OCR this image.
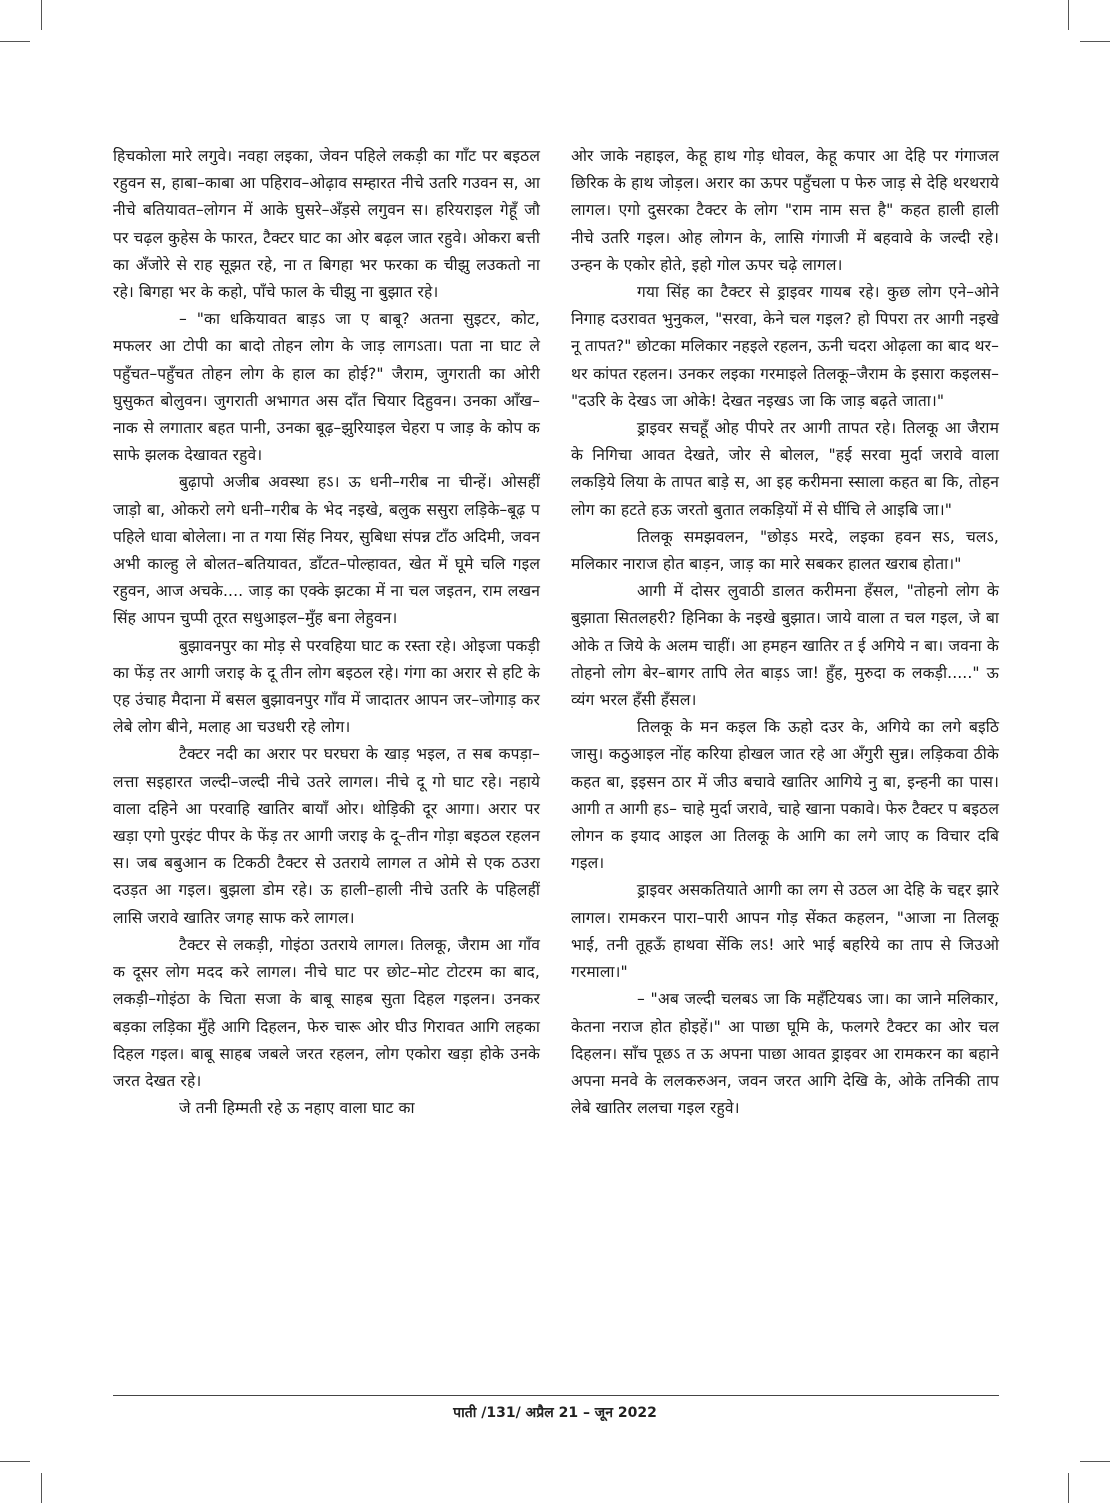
हिचकोला मारे लगुवे। नवहा लइका, जेवन पहिले लकड़ी का गाँट पर बइठल रहुवन स, हाबा–काबा आ पहिराव–ओढ़ाव सम्हारत नीचे उतरि गउवन स, आ नीचे बतियावत–लोगन में आके घुसरे–अँड़से लगुवन स। हरियराइल गेहूँ जौ पर चढ़ल कुहेस के फारत, टैक्टर घाट का ओर बढ़ल जात रहुवे। ओकरा बत्ती का अँजोरे से राह सूझत रहे, ना त बिगहा भर फरका क चीझु लउकतो ना रहे। बिगहा भर के कहो, पाँचे फाल के चीझु ना बुझात रहे।

– "का धकियावत बाड़ऽ जा ए बाबू? अतना सुइटर, कोट, मफलर आ टोपी का बादो तोहन लोग के जाड़ लागऽता। पता ना घाट ले पहुँचत–पहुँचत तोहन लोग के हाल का होई?" जैराम, जुगराती का ओरी घुसुकत बोलुवन। जुगराती अभागत अस दाँत चियार दिहुवन। उनका आँख–नाक से लगातार बहत पानी, उनका बूढ़–झुरियाइल चेहरा प जाड़ के कोप क साफे झलक देखावत रहुवे।

बुढ़ापो अजीब अवस्था हऽ। ऊ धनी–गरीब ना चीन्हें। ओसहीं जाड़ो बा, ओकरो लगे धनी–गरीब के भेद नइखे, बलुक ससुरा लड़िके–बूढ़ प पहिले धावा बोलेला। ना त गया सिंह नियर, सुबिधा संपन्न टाँठ अदिमी, जवन अभी काल्हु ले बोलत–बतियावत, डाँटत–पोल्हावत, खेत में घूमे चलि गइल रहुवन, आज अचके.... जाड़ का एक्के झटका में ना चल जइतन, राम लखन सिंह आपन चुप्पी तूरत सधुआइल–मुँह बना लेहुवन।

बुझावनपुर का मोड़ से परवहिया घाट क रस्ता रहे। ओइजा पकड़ी का फेंड़ तर आगी जराइ के दू तीन लोग बइठल रहे। गंगा का अरार से हटि के एह उंचाह मैदाना में बसल बुझावनपुर गाँव में जादातर आपन जर–जोगाड़ कर लेबे लोग बीने, मलाह आ चउधरी रहे लोग।

टैक्टर नदी का अरार पर घरघरा के खाड़ भइल, त सब कपड़ा–लत्ता सइहारत जल्दी–जल्दी नीचे उतरे लागल। नीचे दू गो घाट रहे। नहाये वाला दहिने आ परवाहि खातिर बायाँ ओर। थोड़िकी दूर आगा। अरार पर खड़ा एगो पुरइंट पीपर के फेंड़ तर आगी जराइ के दू–तीन गोड़ा बइठल रहलन स। जब बबुआन क टिकठी टैक्टर से उतराये लागल त ओमे से एक ठउरा दउड़त आ गइल। बुझला डोम रहे। ऊ हाली–हाली नीचे उतरि के पहिलहीं लासि जरावे खातिर जगह साफ करे लागल।

टैक्टर से लकड़ी, गोइंठा उतराये लागल। तिलकू, जैराम आ गाँव क दूसर लोग मदद करे लागल। नीचे घाट पर छोट–मोट टोटरम का बाद, लकड़ी–गोइंठा के चिता सजा के बाबू साहब सुता दिहल गइलन। उनकर बड़का लड़िका मुँहे आगि दिहलन, फेरु चारू ओर घीउ गिरावत आगि लहका दिहल गइल। बाबू साहब जबले जरत रहलन, लोग एकोरा खड़ा होके उनके जरत देखत रहे।

जे तनी हिम्मती रहे ऊ नहाए वाला घाट का

ओर जाके नहाइल, केहू हाथ गोड़ धोवल, केहू कपार आ देहि पर गंगाजल छिरिक के हाथ जोड़ल। अरार का ऊपर पहुँचला प फेरु जाड़ से देहि थरथराये लागल। एगो दुसरका टैक्टर के लोग "राम नाम सत्त है" कहत हाली हाली नीचे उतरि गइल। ओह लोगन के, लासि गंगाजी में बहवावे के जल्दी रहे।उन्हन के एकोर होते, इहो गोल ऊपर चढ़े लागल।

गया सिंह का टैक्टर से ड्राइवर गायब रहे। कुछ लोग एने–ओने निगाह दउरावत भुनुकल, "सरवा, केने चल गइल? हो पिपरा तर आगी नइखे नू तापत?" छोटका मलिकार नहइले रहलन, ऊनी चदरा ओढ़ला का बाद थर–थर कांपत रहलन। उनकर लइका गरमाइले तिलकू–जैराम के इसारा कइलस– "दउरि के देखऽ जा ओके! देखत नइखऽ जा कि जाड़ बढ़ते जाता।"

ड्राइवर सचहूँ ओह पीपरे तर आगी तापत रहे। तिलकू आ जैराम के निगिचा आवत देखते, जोर से बोलल, "हई सरवा मुर्दा जरावे वाला लकड़िये लिया के तापत बाड़े स, आ इह करीमना स्साला कहत बा कि, तोहन लोग का हटते हऊ जरतो बुतात लकड़ियों में से घींचि ले आइबि जा।"

तिलकू समझवलन, "छोड़ऽ मरदे, लइका हवन सऽ, चलऽ, मलिकार नाराज होत बाड़न, जाड़ का मारे सबकर हालत खराब होता।"

आगी में दोसर लुवाठी डालत करीमना हँसल, "तोहनो लोग के बुझाता सितलहरी? हिनिका के नइखे बुझात। जाये वाला त चल गइल, जे बा ओके त जिये के अलम चाहीं। आ हमहन खातिर त ई अगिये न बा। जवना के तोहनो लोग बेर–बागर तापि लेत बाड़ऽ जा! हुँह, मुरुदा क लकड़ी....." ऊ व्यंग भरल हँसी हँसल।

तिलकू के मन कइल कि ऊहो दउर के, अगिये का लगे बइठि जासु। कठुआइल नोंह करिया होखल जात रहे आ अँगुरी सुन्न। लड़िकवा ठीके कहत बा, इइसन ठार में जीउ बचावे खातिर आगिये नु बा, इन्हनी का पास। आगी त आगी हऽ– चाहे मुर्दा जरावे, चाहे खाना पकावे। फेरु टैक्टर प बइठल लोगन क इयाद आइल आ तिलकू के आगि का लगे जाए क विचार दबि गइल।

ड्राइवर असकतियाते आगी का लग से उठल आ देहि के चद्दर झारे लागल। रामकरन पारा–पारी आपन गोड़ सेंकत कहलन, "आजा ना तिलकू भाई, तनी तूहऊँ हाथवा सेंकि लऽ! आरे भाई बहरिये का ताप से जिउओ गरमाला।"

– "अब जल्दी चलबऽ जा कि महँटियबऽ जा। का जाने मलिकार, केतना नराज होत होइहें।" आ पाछा घूमि के, फलगरे टैक्टर का ओर चल दिहलन। साँच पूछऽ त ऊ अपना पाछा आवत ड्राइवर आ रामकरन का बहाने अपना मनवे के ललकरुअन, जवन जरत आगि देखि के, ओके तनिकी ताप लेबे खातिर ललचा गइल रहुवे।

पाती /131/ अप्रैल 21 – जून 2022
